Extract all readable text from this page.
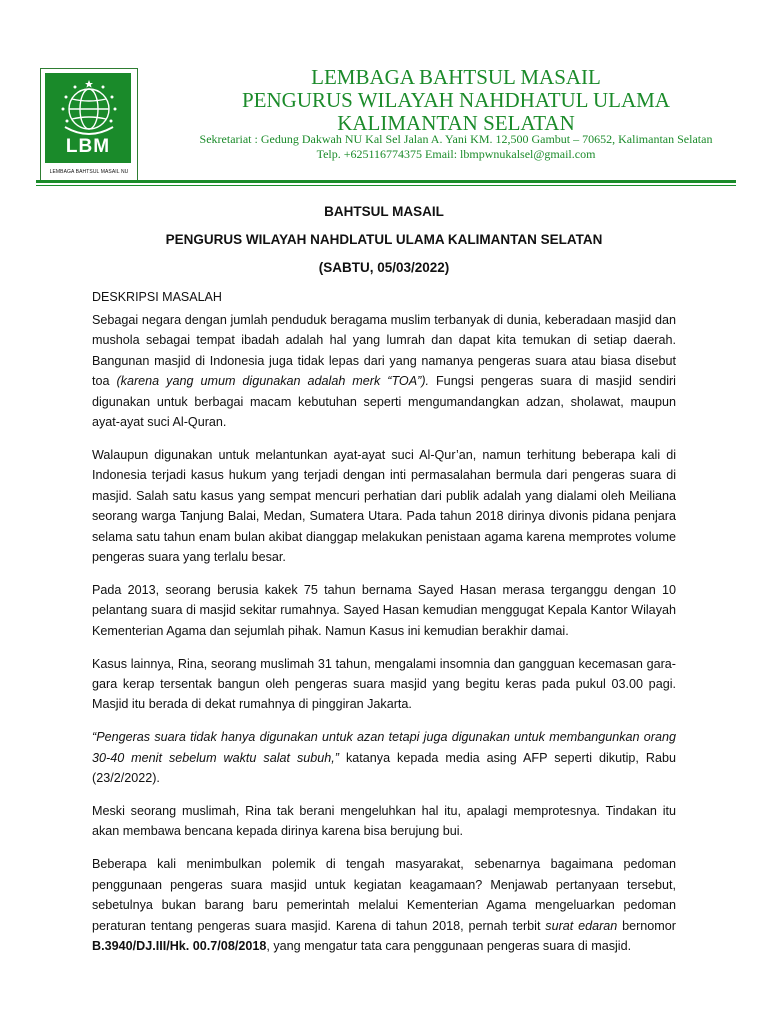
LBM
LEMBAGA BAHTSUL MASAIL NU
LEMBAGA BAHTSUL MASAIL
PENGURUS WILAYAH NAHDHATUL ULAMA
KALIMANTAN SELATAN
Sekretariat : Gedung Dakwah NU Kal Sel Jalan A. Yani KM. 12,500 Gambut – 70652, Kalimantan Selatan
Telp. +625116774375 Email: lbmpwnukalsel@gmail.com
BAHTSUL MASAIL
PENGURUS WILAYAH NAHDLATUL ULAMA KALIMANTAN SELATAN
(SABTU, 05/03/2022)
DESKRIPSI MASALAH

Sebagai negara dengan jumlah penduduk beragama muslim terbanyak di dunia, keberadaan masjid dan mushola sebagai tempat ibadah adalah hal yang lumrah dan dapat kita temukan di setiap daerah. Bangunan masjid di Indonesia juga tidak lepas dari yang namanya pengeras suara atau biasa disebut toa (karena yang umum digunakan adalah merk “TOA”). Fungsi pengeras suara di masjid sendiri digunakan untuk berbagai macam kebutuhan seperti mengumandangkan adzan, sholawat, maupun ayat-ayat suci Al-Quran.

Walaupun digunakan untuk melantunkan ayat-ayat suci Al-Qur’an, namun terhitung beberapa kali di Indonesia terjadi kasus hukum yang terjadi dengan inti permasalahan bermula dari pengeras suara di masjid. Salah satu kasus yang sempat mencuri perhatian dari publik adalah yang dialami oleh Meiliana seorang warga Tanjung Balai, Medan, Sumatera Utara. Pada tahun 2018 dirinya divonis pidana penjara selama satu tahun enam bulan akibat dianggap melakukan penistaan agama karena memprotes volume pengeras suara yang terlalu besar.

Pada 2013, seorang berusia kakek 75 tahun bernama Sayed Hasan merasa terganggu dengan 10 pelantang suara di masjid sekitar rumahnya. Sayed Hasan kemudian menggugat Kepala Kantor Wilayah Kementerian Agama dan sejumlah pihak. Namun Kasus ini kemudian berakhir damai.

Kasus lainnya, Rina, seorang muslimah 31 tahun, mengalami insomnia dan gangguan kecemasan gara-gara kerap tersentak bangun oleh pengeras suara masjid yang begitu keras pada pukul 03.00 pagi. Masjid itu berada di dekat rumahnya di pinggiran Jakarta.

“Pengeras suara tidak hanya digunakan untuk azan tetapi juga digunakan untuk membangunkan orang 30-40 menit sebelum waktu salat subuh,” katanya kepada media asing AFP seperti dikutip, Rabu (23/2/2022).

Meski seorang muslimah, Rina tak berani mengeluhkan hal itu, apalagi memprotesnya. Tindakan itu akan membawa bencana kepada dirinya karena bisa berujung bui.

Beberapa kali menimbulkan polemik di tengah masyarakat, sebenarnya bagaimana pedoman penggunaan pengeras suara masjid untuk kegiatan keagamaan? Menjawab pertanyaan tersebut, sebetulnya bukan barang baru pemerintah melalui Kementerian Agama mengeluarkan pedoman peraturan tentang pengeras suara masjid. Karena di tahun 2018, pernah terbit surat edaran bernomor B.3940/DJ.III/Hk. 00.7/08/2018, yang mengatur tata cara penggunaan pengeras suara di masjid.
